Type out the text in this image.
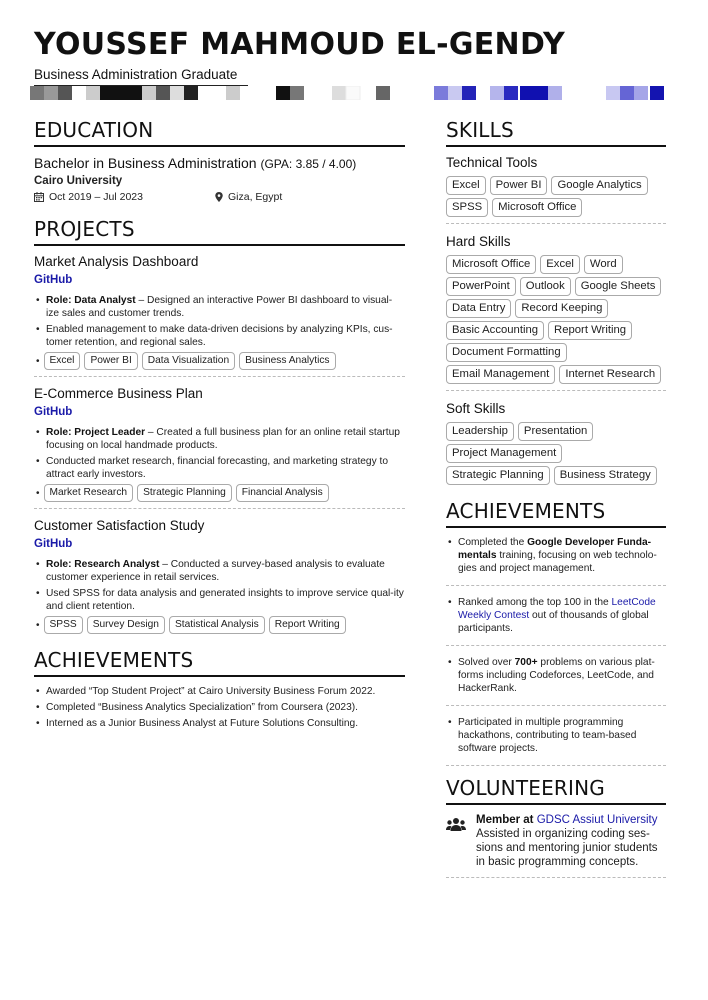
YOUSSEF MAHMOUD EL-GENDY
Business Administration Graduate
EDUCATION
Bachelor in Business Administration (GPA: 3.85 / 4.00)
Cairo University
Oct 2019 – Jul 2023	Giza, Egypt
PROJECTS
Market Analysis Dashboard
GitHub
• Role: Data Analyst – Designed an interactive Power BI dashboard to visual-ize sales and customer trends.
• Enabled management to make data-driven decisions by analyzing KPIs, cus-tomer retention, and regional sales.
• Excel	Power BI	Data Visualization	Business Analytics
E-Commerce Business Plan
GitHub
• Role: Project Leader – Created a full business plan for an online retail startup focusing on local handmade products.
• Conducted market research, financial forecasting, and marketing strategy to attract early investors.
• Market Research	Strategic Planning	Financial Analysis
Customer Satisfaction Study
GitHub
• Role: Research Analyst – Conducted a survey-based analysis to evaluate customer experience in retail services.
• Used SPSS for data analysis and generated insights to improve service qual-ity and client retention.
• SPSS	Survey Design	Statistical Analysis	Report Writing
ACHIEVEMENTS
• Awarded “Top Student Project” at Cairo University Business Forum 2022.
• Completed “Business Analytics Specialization” from Coursera (2023).
• Interned as a Junior Business Analyst at Future Solutions Consulting.
SKILLS
Technical Tools
Excel	Power BI	Google Analytics
SPSS	Microsoft Office
Hard Skills
Microsoft Office	Excel	Word
PowerPoint	Outlook	Google Sheets
Data Entry	Record Keeping
Basic Accounting	Report Writing
Document Formatting
Email Management	Internet Research
Soft Skills
Leadership	Presentation
Project Management
Strategic Planning	Business Strategy
ACHIEVEMENTS
• Completed the Google Developer Funda-mentals training, focusing on web technolo-gies and project management.
• Ranked among the top 100 in the LeetCode Weekly Contest out of thousands of global participants.
• Solved over 700+ problems on various plat-forms including Codeforces, LeetCode, and HackerRank.
• Participated in multiple programming hackathons, contributing to team-based software projects.
VOLUNTEERING
Member at GDSC Assiut University
Assisted in organizing coding ses-sions and mentoring junior students in basic programming concepts.
